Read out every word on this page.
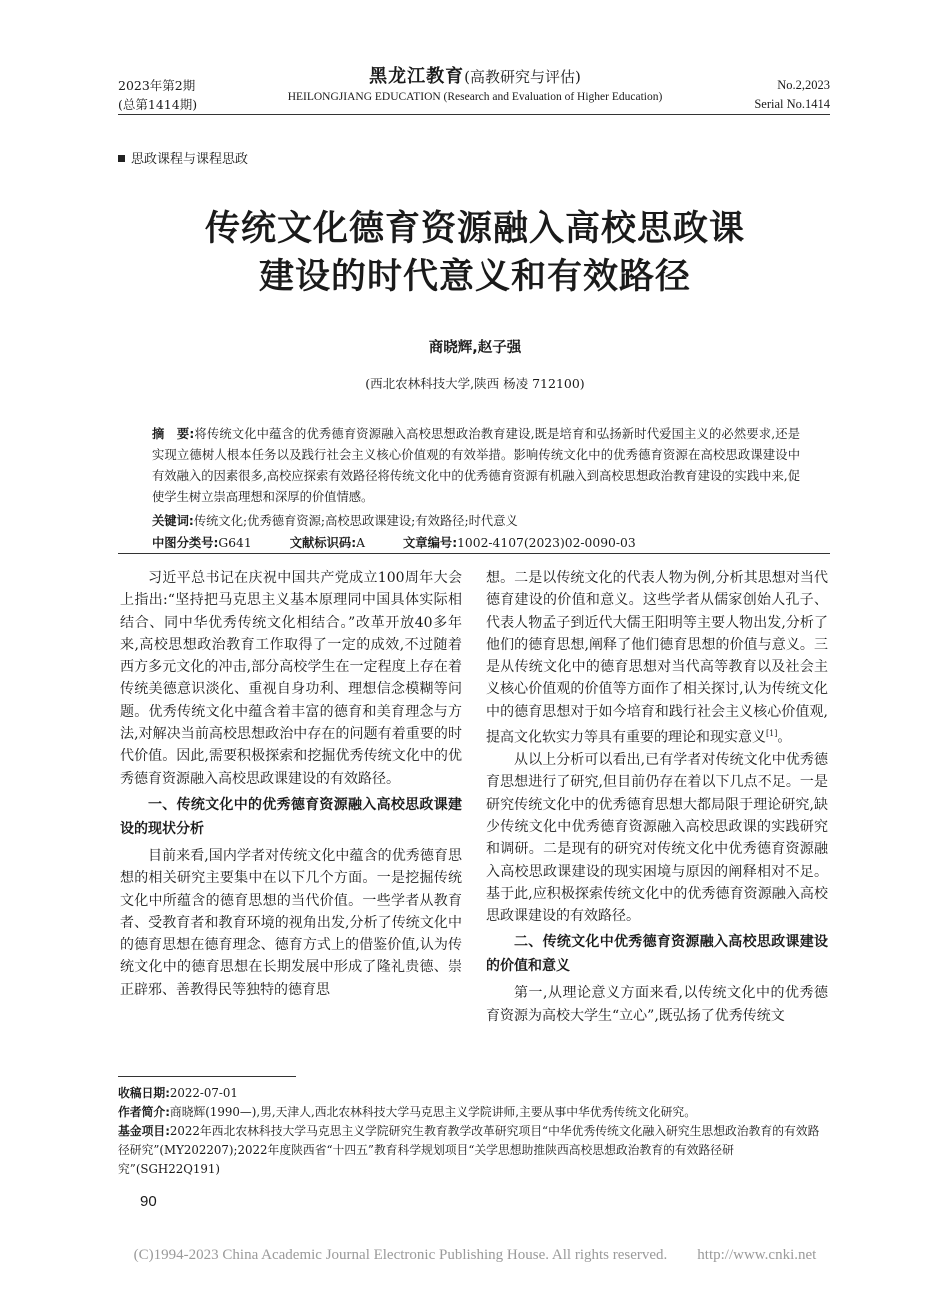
2023年第2期
(总第1414期)
黑龙江教育(高教研究与评估)
HEILONGJIANG EDUCATION (Research and Evaluation of Higher Education)
No.2,2023
Serial No.1414
思政课程与课程思政
传统文化德育资源融入高校思政课
建设的时代意义和有效路径
商晓辉,赵子强
(西北农林科技大学,陕西 杨凌 712100)
摘　要:将传统文化中蕴含的优秀德育资源融入高校思想政治教育建设,既是培育和弘扬新时代爱国主义的必然要求,还是实现立德树人根本任务以及践行社会主义核心价值观的有效举措。影响传统文化中的优秀德育资源在高校思政课建设中有效融入的因素很多,高校应探索有效路径将传统文化中的优秀德育资源有机融入到高校思想政治教育建设的实践中来,促使学生树立崇高理想和深厚的价值情感。
关键词:传统文化;优秀德育资源;高校思政课建设;有效路径;时代意义
中图分类号:G641	文献标识码:A	文章编号:1002-4107(2023)02-0090-03

习近平总书记在庆祝中国共产党成立100周年大会上指出:“坚持把马克思主义基本原理同中国具体实际相结合、同中华优秀传统文化相结合。”改革开放40多年来,高校思想政治教育工作取得了一定的成效,不过随着西方多元文化的冲击,部分高校学生在一定程度上存在着传统美德意识淡化、重视自身功利、理想信念模糊等问题。优秀传统文化中蕴含着丰富的德育和美育理念与方法,对解决当前高校思想政治中存在的问题有着重要的时代价值。因此,需要积极探索和挖掘优秀传统文化中的优秀德育资源融入高校思政课建设的有效路径。

一、传统文化中的优秀德育资源融入高校思政课建设的现状分析

目前来看,国内学者对传统文化中蕴含的优秀德育思想的相关研究主要集中在以下几个方面。一是挖掘传统文化中所蕴含的德育思想的当代价值。一些学者从教育者、受教育者和教育环境的视角出发,分析了传统文化中的德育思想在德育理念、德育方式上的借鉴价值,认为传统文化中的德育思想在长期发展中形成了隆礼贵德、崇正辟邪、善教得民等独特的德育思

想。二是以传统文化的代表人物为例,分析其思想对当代德育建设的价值和意义。这些学者从儒家创始人孔子、代表人物孟子到近代大儒王阳明等主要人物出发,分析了他们的德育思想,阐释了他们德育思想的价值与意义。三是从传统文化中的德育思想对当代高等教育以及社会主义核心价值观的价值等方面作了相关探讨,认为传统文化中的德育思想对于如今培育和践行社会主义核心价值观,提高文化软实力等具有重要的理论和现实意义[1]。

从以上分析可以看出,已有学者对传统文化中优秀德育思想进行了研究,但目前仍存在着以下几点不足。一是研究传统文化中的优秀德育思想大都局限于理论研究,缺少传统文化中优秀德育资源融入高校思政课的实践研究和调研。二是现有的研究对传统文化中优秀德育资源融入高校思政课建设的现实困境与原因的阐释相对不足。基于此,应积极探索传统文化中的优秀德育资源融入高校思政课建设的有效路径。

二、传统文化中优秀德育资源融入高校思政课建设的价值和意义

第一,从理论意义方面来看,以传统文化中的优秀德育资源为高校大学生“立心”,既弘扬了优秀传统文

收稿日期:2022-07-01
作者简介:商晓辉(1990—),男,天津人,西北农林科技大学马克思主义学院讲师,主要从事中华优秀传统文化研究。
基金项目:2022年西北农林科技大学马克思主义学院研究生教育教学改革研究项目“中华优秀传统文化融入研究生思想政治教育的有效路径研究”(MY202207);2022年度陕西省“十四五”教育科学规划项目“关学思想助推陕西高校思想政治教育的有效路径研究”(SGH22Q191)
90
(C)1994-2023 China Academic Journal Electronic Publishing House. All rights reserved.　　http://www.cnki.net
